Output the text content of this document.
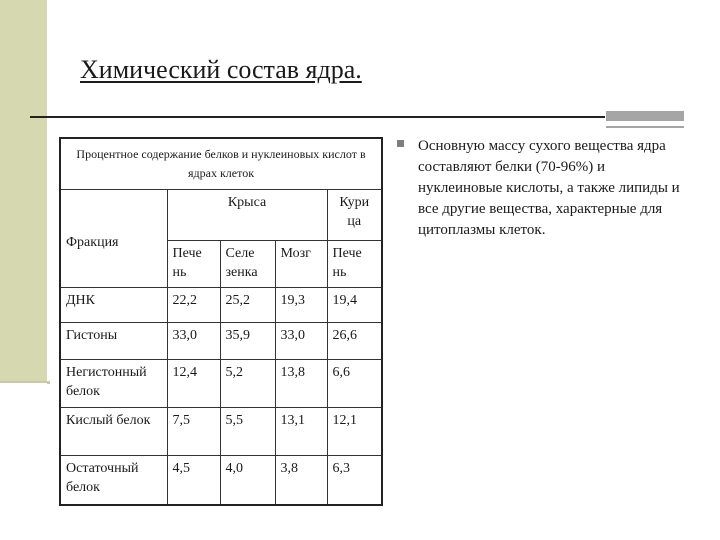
Химический состав ядра.
Процентное содержание белков и нуклеиновых кислот в ядрах клеток				
Фракция	Крыса			Кури ца
	Пече нь	Селе зенка	Мозг	Пече нь
ДНК	22,2	25,2	19,3	19,4
Гистоны	33,0	35,9	33,0	26,6
Негистонный белок	12,4	5,2	13,8	6,6
Кислый белок	7,5	5,5	13,1	12,1
Остаточный белок	4,5	4,0	3,8	6,3
Основную массу сухого вещества ядра составляют белки (70-96%) и нуклеиновые кислоты, а также липиды и все другие вещества, характерные для цитоплазмы клеток.
